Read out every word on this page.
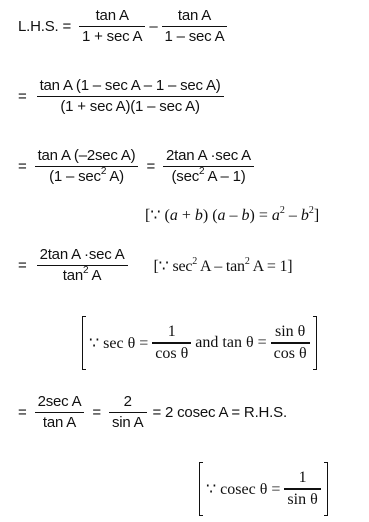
L.H.S. = $\frac{\text{tan A}}{\text{1 + sec A}} - \frac{\text{tan A}}{\text{1 – sec A}}$
= $\frac{\text{tan A (1 – sec A – 1 – sec A)}}{\text{(1 + sec A)(1 – sec A)}}$
= $\frac{\text{tan A (–2sec A)}}{(1 - \sec^2 A)} = \frac{\text{2tan A ·sec A}}{(\sec^2 A - 1)}$
[∵ (a + b) $(a - b) = a^2 - b^2$]
= $\frac{\text{2tan A ·sec A}}{\tan^2 A}$ [∵ $\sec^2 A - \tan^2 A = 1$]
∵ $\sec \theta = \frac{1}{\text{cos θ}}$ and $\tan \theta = \frac{\text{sin θ}}{\text{cos θ}}$
= $\frac{\text{2sec A}}{\text{tan A}} = \frac{2}{\text{sin A}} = 2$ cosec A = R.H.S.
∵ cosec $\theta = \frac{1}{\text{sin θ}}$
